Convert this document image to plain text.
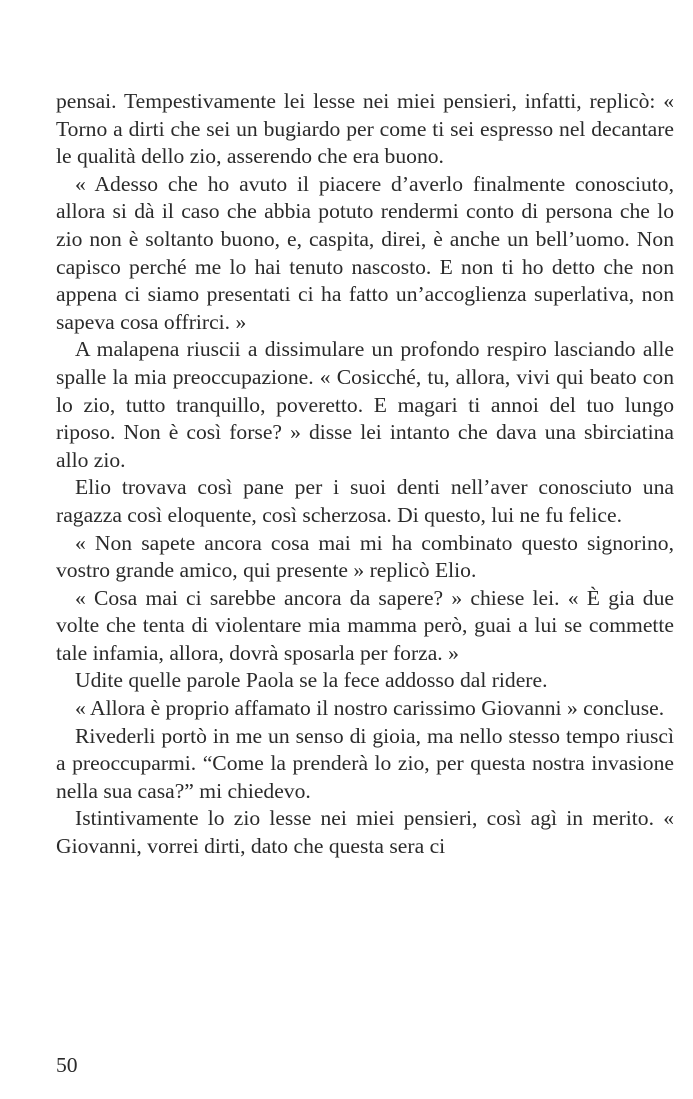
pensai. Tempestivamente lei lesse nei miei pensieri, infatti, replicò: « Torno a dirti che sei un bugiardo per come ti sei espresso nel decantare le qualità dello zio, asserendo che era buono.

« Adesso che ho avuto il piacere d’averlo finalmente conosciuto, allora si dà il caso che abbia potuto rendermi conto di persona che lo zio non è soltanto buono, e, caspita, direi, è anche un bell’uomo. Non capisco perché me lo hai tenuto nascosto. E non ti ho detto che non appena ci siamo presentati ci ha fatto un’accoglienza superlativa, non sapeva cosa offrirci. »

A malapena riuscii a dissimulare un profondo respiro lasciando alle spalle la mia preoccupazione. « Cosicché, tu, allora, vivi qui beato con lo zio, tutto tranquillo, poveretto. E magari ti annoi del tuo lungo riposo. Non è così forse? » disse lei intanto che dava una sbirciatina allo zio.

Elio trovava così pane per i suoi denti nell’aver conosciuto una ragazza così eloquente, così scherzosa. Di questo, lui ne fu felice.

« Non sapete ancora cosa mai mi ha combinato questo signorino, vostro grande amico, qui presente » replicò Elio.

« Cosa mai ci sarebbe ancora da sapere? » chiese lei. « È gia due volte che tenta di violentare mia mamma però, guai a lui se commette tale infamia, allora, dovrà sposarla per forza. »

Udite quelle parole Paola se la fece addosso dal ridere.

« Allora è proprio affamato il nostro carissimo Giovanni » concluse.

Rivederli portò in me un senso di gioia, ma nello stesso tempo riuscì a preoccuparmi. “Come la prenderà lo zio, per questa nostra invasione nella sua casa?” mi chiedevo.

Istintivamente lo zio lesse nei miei pensieri, così agì in merito. « Giovanni, vorrei dirti, dato che questa sera ci

50
